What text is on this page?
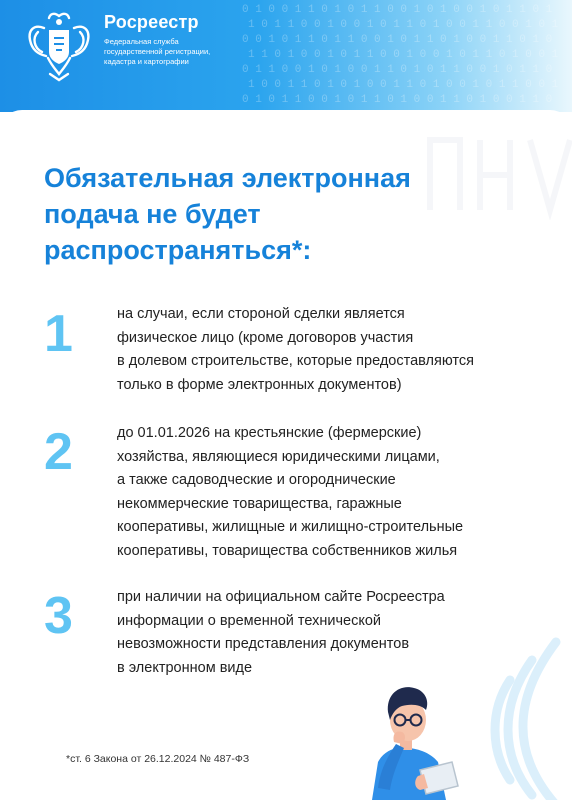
0 1 0 0 1 1 0 1 0 1 1 0 0 1 0 1 0 0 1 0 1 1 0 1
1 0 1 1 0 0 1 0 0 1 0 1 1 0 1 0 0 1 1 0 0 1 0 1
0 0 1 0 1 1 0 1 1 0 0 1 0 1 1 0 1 0 0 1 1 0 1 0
1 1 0 1 0 0 1 0 1 1 0 0 1 0 0 1 0 1 1 0 1 0 0 1
0 1 1 0 0 1 0 1 0 0 1 1 0 1 0 1 1 0 0 1 0 1 1 0
1 0 0 1 1 0 1 0 1 0 0 1 1 0 1 0 0 1 0 1 1 0 0 1
0 1 0 1 1 0 0 1 0 1 1 0 1 0 0 1 1 0 1 0 0 1 1 0
Росреестр
Федеральная служба
государственной регистрации,
кадастра и картографии
Обязательная электронная
подача не будет
распространяться*:
1	на случаи, если стороной сделки является
физическое лицо (кроме договоров участия
в долевом строительстве, которые предоставляются
только в форме электронных документов)
2	до 01.01.2026 на крестьянские (фермерские)
хозяйства, являющиеся юридическими лицами,
а также садоводческие и огороднические
некоммерческие товарищества, гаражные
кооперативы, жилищные и жилищно-строительные
кооперативы, товарищества собственников жилья
3	при наличии на официальном сайте Росреестра
информации о временной технической
невозможности представления документов
в электронном виде
*ст. 6 Закона от 26.12.2024 № 487-ФЗ
